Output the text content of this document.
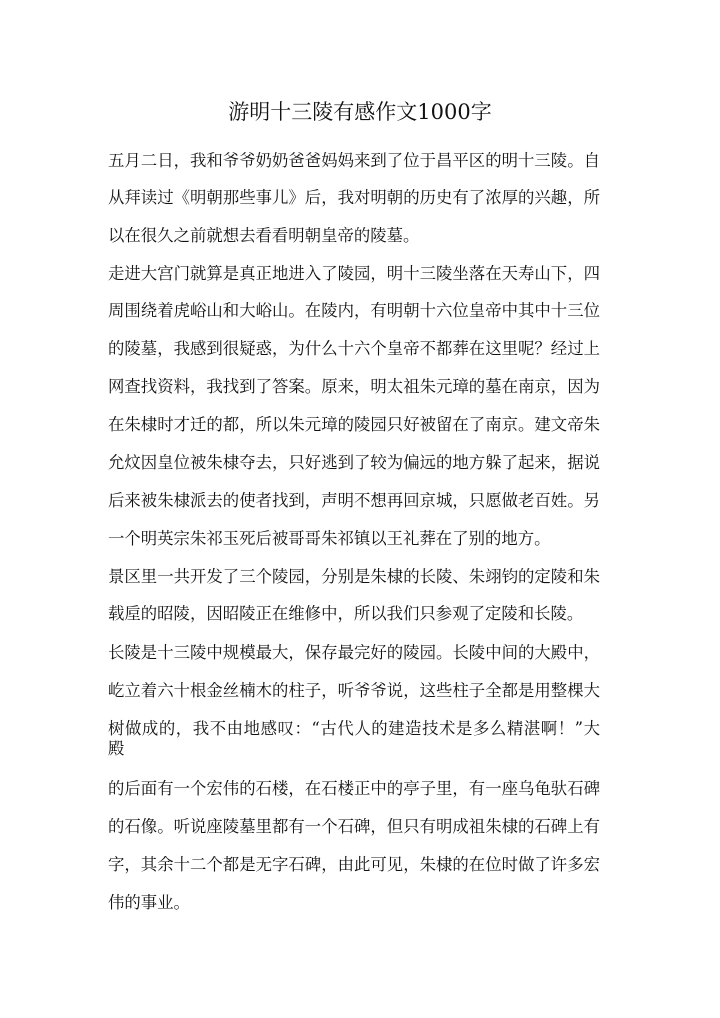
游明十三陵有感作文1000字
五月二日，我和爷爷奶奶爸爸妈妈来到了位于昌平区的明十三陵。自
从拜读过《明朝那些事儿》后，我对明朝的历史有了浓厚的兴趣，所
以在很久之前就想去看看明朝皇帝的陵墓。
走进大宫门就算是真正地进入了陵园，明十三陵坐落在天寿山下，四
周围绕着虎峪山和大峪山。在陵内，有明朝十六位皇帝中其中十三位
的陵墓，我感到很疑惑，为什么十六个皇帝不都葬在这里呢？经过上
网查找资料，我找到了答案。原来，明太祖朱元璋的墓在南京，因为
在朱棣时才迁的都，所以朱元璋的陵园只好被留在了南京。建文帝朱
允炆因皇位被朱棣夺去，只好逃到了较为偏远的地方躲了起来，据说
后来被朱棣派去的使者找到，声明不想再回京城，只愿做老百姓。另
一个明英宗朱祁玉死后被哥哥朱祁镇以王礼葬在了别的地方。
景区里一共开发了三个陵园，分别是朱棣的长陵、朱翊钧的定陵和朱
载垕的昭陵，因昭陵正在维修中，所以我们只参观了定陵和长陵。
长陵是十三陵中规模最大，保存最完好的陵园。长陵中间的大殿中，
屹立着六十根金丝楠木的柱子，听爷爷说，这些柱子全都是用整棵大
树做成的，我不由地感叹：“古代人的建造技术是多么精湛啊！”大
殿
的后面有一个宏伟的石楼，在石楼正中的亭子里，有一座乌龟驮石碑
的石像。听说座陵墓里都有一个石碑，但只有明成祖朱棣的石碑上有
字，其余十二个都是无字石碑，由此可见，朱棣的在位时做了许多宏
伟的事业。
